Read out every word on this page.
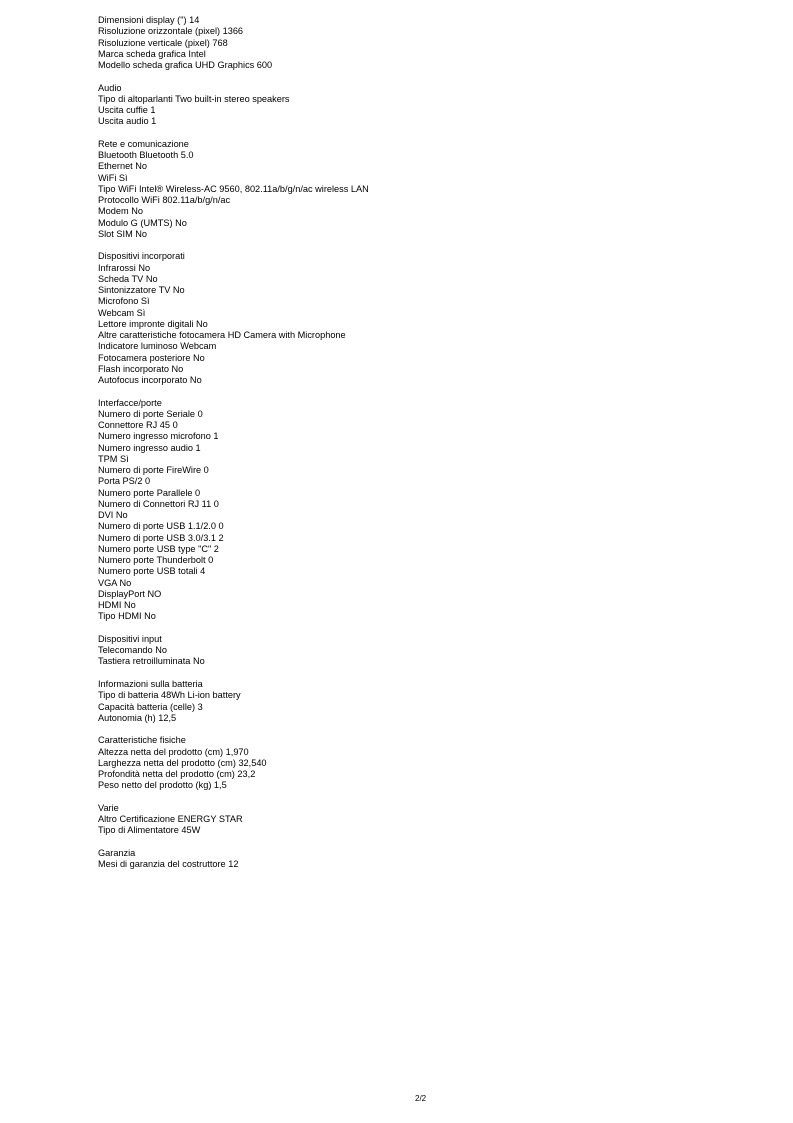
Dimensioni display (") 14
Risoluzione orizzontale (pixel) 1366
Risoluzione verticale (pixel) 768
Marca scheda grafica Intel
Modello scheda grafica UHD Graphics 600
Audio
Tipo di altoparlanti Two built-in stereo speakers
Uscita cuffie 1
Uscita audio 1
Rete e comunicazione
Bluetooth Bluetooth 5.0
Ethernet No
WiFi Sì
Tipo WiFi Intel® Wireless-AC 9560, 802.11a/b/g/n/ac wireless LAN
Protocollo WiFi 802.11a/b/g/n/ac
Modem No
Modulo G (UMTS) No
Slot SIM No
Dispositivi incorporati
Infrarossi No
Scheda TV No
Sintonizzatore TV No
Microfono Sì
Webcam Sì
Lettore impronte digitali No
Altre caratteristiche fotocamera HD Camera with Microphone
Indicatore luminoso Webcam
Fotocamera posteriore No
Flash incorporato No
Autofocus incorporato No
Interfacce/porte
Numero di porte Seriale 0
Connettore RJ 45 0
Numero ingresso microfono 1
Numero ingresso audio 1
TPM Sì
Numero di porte FireWire 0
Porta PS/2 0
Numero porte Parallele 0
Numero di Connettori RJ 11 0
DVI No
Numero di porte USB 1.1/2.0 0
Numero di porte USB 3.0/3.1 2
Numero porte USB type "C" 2
Numero porte Thunderbolt 0
Numero porte USB totali 4
VGA No
DisplayPort NO
HDMI No
Tipo HDMI No
Dispositivi input
Telecomando No
Tastiera retroilluminata No
Informazioni sulla batteria
Tipo di batteria 48Wh Li-ion battery
Capacità batteria (celle) 3
Autonomia (h) 12,5
Caratteristiche fisiche
Altezza netta del prodotto (cm) 1,970
Larghezza netta del prodotto (cm) 32,540
Profondità netta del prodotto (cm) 23,2
Peso netto del prodotto (kg) 1,5
Varie
Altro Certificazione ENERGY STAR
Tipo di Alimentatore 45W
Garanzia
Mesi di garanzia del costruttore 12
2/2
